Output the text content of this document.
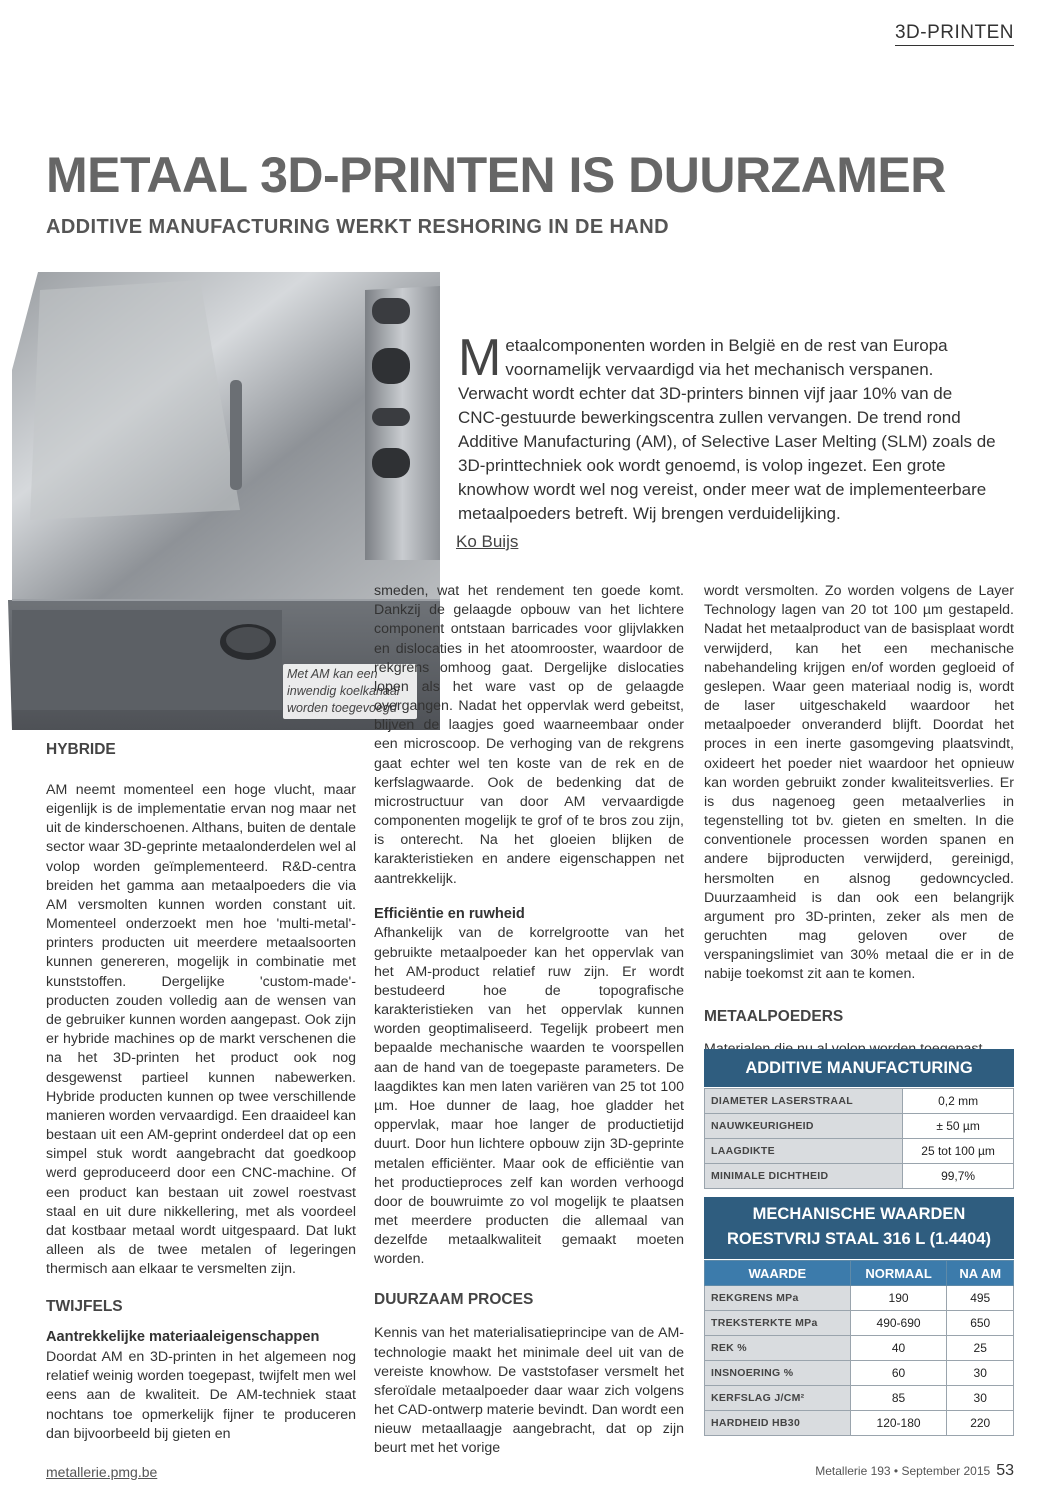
3D-PRINTEN
METAAL 3D-PRINTEN IS DUURZAMER
ADDITIVE MANUFACTURING WERKT RESHORING IN DE HAND
Met AM kan een inwendig koelkanaal worden toegevoegd
Metaalcomponenten worden in België en de rest van Europa voornamelijk vervaardigd via het mechanisch verspanen. Verwacht wordt echter dat 3D-printers binnen vijf jaar 10% van de CNC-gestuurde bewerkingscentra zullen vervangen. De trend rond Additive Manufacturing (AM), of Selective Laser Melting (SLM) zoals de 3D-printtechniek ook wordt genoemd, is volop ingezet. Een grote knowhow wordt wel nog vereist, onder meer wat de implementeerbare metaalpoeders betreft. Wij brengen verduidelijking.
Ko Buijs
HYBRIDE

AM neemt momenteel een hoge vlucht, maar eigenlijk is de implementatie ervan nog maar net uit de kinderschoenen. Althans, buiten de dentale sector waar 3D-geprinte metaalonderdelen wel al volop worden geïmplementeerd. R&D-centra breiden het gamma aan metaalpoeders die via AM versmolten kunnen worden constant uit. Momenteel onderzoekt men hoe 'multi-metal'-printers producten uit meerdere metaalsoorten kunnen genereren, mogelijk in combinatie met kunststoffen. Dergelijke 'custom-made'-producten zouden volledig aan de wensen van de gebruiker kunnen worden aangepast. Ook zijn er hybride machines op de markt verschenen die na het 3D-printen het product ook nog desgewenst partieel kunnen nabewerken. Hybride producten kunnen op twee verschillende manieren worden vervaardigd. Een draaideel kan bestaan uit een AM-geprint onderdeel dat op een simpel stuk wordt aangebracht dat goedkoop werd geproduceerd door een CNC-machine. Of een product kan bestaan uit zowel roestvast staal en uit dure nikkellering, met als voordeel dat kostbaar metaal wordt uitgespaard. Dat lukt alleen als de twee metalen of legeringen thermisch aan elkaar te versmelten zijn.

TWIJFELS
Aantrekkelijke materiaaleigenschappen

Doordat AM en 3D-printen in het algemeen nog relatief weinig worden toegepast, twijfelt men wel eens aan de kwaliteit. De AM-techniek staat nochtans toe opmerkelijk fijner te produceren dan bijvoorbeeld bij gieten en

smeden, wat het rendement ten goede komt. Dankzij de gelaagde opbouw van het lichtere component ontstaan barricades voor glijvlakken en dislocaties in het atoomrooster, waardoor de rekgrens omhoog gaat. Dergelijke dislocaties lopen als het ware vast op de gelaagde overgangen. Nadat het oppervlak werd gebeitst, blijven de laagjes goed waarneembaar onder een microscoop. De verhoging van de rekgrens gaat echter wel ten koste van de rek en de kerfslagwaarde. Ook de bedenking dat de microstructuur van door AM vervaardigde componenten mogelijk te grof of te bros zou zijn, is onterecht. Na het gloeien blijken de karakteristieken en andere eigenschappen net aantrekkelijk.

Efficiëntie en ruwheid

Afhankelijk van de korrelgrootte van het gebruikte metaalpoeder kan het oppervlak van het AM-product relatief ruw zijn. Er wordt bestudeerd hoe de topografische karakteristieken van het oppervlak kunnen worden geoptimaliseerd. Tegelijk probeert men bepaalde mechanische waarden te voorspellen aan de hand van de toegepaste parameters. De laagdiktes kan men laten variëren van 25 tot 100 µm. Hoe dunner de laag, hoe gladder het oppervlak, maar hoe langer de productietijd duurt. Door hun lichtere opbouw zijn 3D-geprinte metalen efficiënter. Maar ook de efficiëntie van het productieproces zelf kan worden verhoogd door de bouwruimte zo vol mogelijk te plaatsen met meerdere producten die allemaal van dezelfde metaalkwaliteit gemaakt moeten worden.

DUURZAAM PROCES

Kennis van het materialisatieprincipe van de AM-technologie maakt het minimale deel uit van de vereiste knowhow. De vaststofaser versmelt het sferoïdale metaalpoeder daar waar zich volgens het CAD-ontwerp materie bevindt. Dan wordt een nieuw metaallaagje aangebracht, dat op zijn beurt met het vorige

wordt versmolten. Zo worden volgens de Layer Technology lagen van 20 tot 100 µm gestapeld. Nadat het metaalproduct van de basisplaat wordt verwijderd, kan het een mechanische nabehandeling krijgen en/of worden gegloeid of geslepen. Waar geen materiaal nodig is, wordt de laser uitgeschakeld waardoor het metaalpoeder onveranderd blijft. Doordat het proces in een inerte gasomgeving plaatsvindt, oxideert het poeder niet waardoor het opnieuw kan worden gebruikt zonder kwaliteitsverlies. Er is dus nagenoeg geen metaalverlies in tegenstelling tot bv. gieten en smelten. In die conventionele processen worden spanen en andere bijproducten verwijderd, gereinigd, hersmolten en alsnog gedowncycled. Duurzaamheid is dan ook een belangrijk argument pro 3D-printen, zeker als men de geruchten mag geloven over de verspaningslimiet van 30% metaal die er in de nabije toekomst zit aan te komen.

METAALPOEDERS

ADDITIVE MANUFACTURING
DIAMETER LASERSTRAAL	0,2 mm
NAUWKEURIGHEID	± 50 µm
LAAGDIKTE	25 tot 100 µm
MINIMALE DICHTHEID	99,7%
MECHANISCHE WAARDEN
ROESTVRIJ STAAL 316 L (1.4404)
WAARDE	NORMAAL	NA AM
REKGRENS MPa	190	495
TREKSTERKTE MPa	490-690	650
REK %	40	25
INSNOERING %	60	30
KERFSLAG J/CM²	85	30
HARDHEID HB30	120-180	220
metallerie.pmg.be	Metallerie 193 • September 2015 53
